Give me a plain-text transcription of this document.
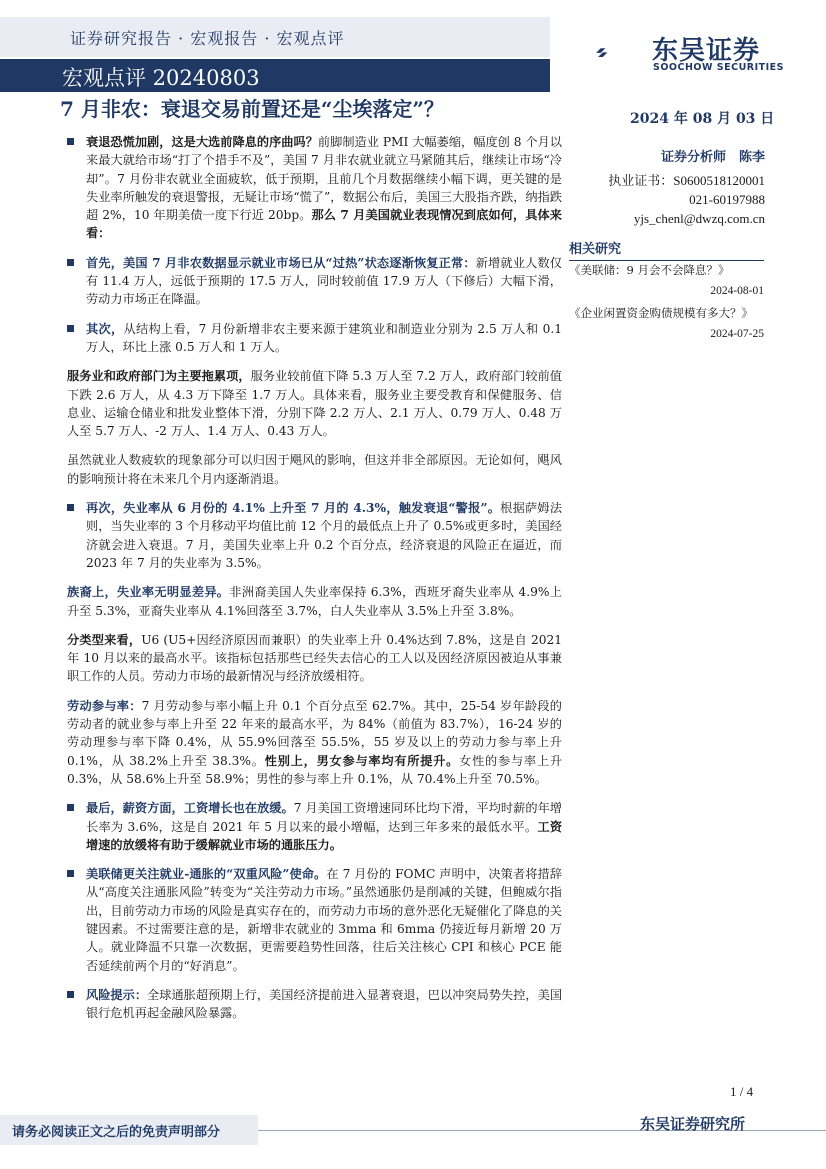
证券研究报告 · 宏观报告 · 宏观点评
宏观点评 20240803
东吴证券
SOOCHOW SECURITIES
7 月非农：衰退交易前置还是“尘埃落定”？	2024 年 08 月 03 日

衰退恐慌加剧，这是大选前降息的序曲吗？前脚制造业 PMI 大幅萎缩，幅度创 8 个月以来最大就给市场“打了个措手不及”，美国 7 月非农就业就立马紧随其后，继续让市场“冷却”。7 月份非农就业全面疲软，低于预期，且前几个月数据继续小幅下调，更关键的是失业率所触发的衰退警报，无疑让市场“慌了”，数据公布后，美国三大股指齐跌，纳指跌超 2%，10 年期美债一度下行近 20bp。那么 7 月美国就业表现情况到底如何，具体来看：

首先，美国 7 月非农数据显示就业市场已从“过热”状态逐渐恢复正常：新增就业人数仅有 11.4 万人，远低于预期的 17.5 万人，同时较前值 17.9 万人（下修后）大幅下滑，劳动力市场正在降温。

其次，从结构上看，7 月份新增非农主要来源于建筑业和制造业分别为 2.5 万人和 0.1 万人，环比上涨 0.5 万人和 1 万人。

服务业和政府部门为主要拖累项，服务业较前值下降 5.3 万人至 7.2 万人，政府部门较前值下跌 2.6 万人，从 4.3 万下降至 1.7 万人。具体来看，服务业主要受教育和保健服务、信息业、运输仓储业和批发业整体下滑，分别下降 2.2 万人、2.1 万人、0.79 万人、0.48 万人至 5.7 万人、-2 万人、1.4 万人、0.43 万人。

虽然就业人数疲软的现象部分可以归因于飓风的影响，但这并非全部原因。无论如何，飓风的影响预计将在未来几个月内逐渐消退。

再次，失业率从 6 月份的 4.1% 上升至 7 月的 4.3%，触发衰退“警报”。根据萨姆法则，当失业率的 3 个月移动平均值比前 12 个月的最低点上升了 0.5%或更多时，美国经济就会进入衰退。7 月，美国失业率上升 0.2 个百分点，经济衰退的风险正在逼近，而 2023 年 7 月的失业率为 3.5%。

族裔上，失业率无明显差异。非洲裔美国人失业率保持 6.3%，西班牙裔失业率从 4.9%上升至 5.3%，亚裔失业率从 4.1%回落至 3.7%，白人失业率从 3.5%上升至 3.8%。

分类型来看，U6 (U5+因经济原因而兼职）的失业率上升 0.4%达到 7.8%，这是自 2021 年 10 月以来的最高水平。该指标包括那些已经失去信心的工人以及因经济原因被迫从事兼职工作的人员。劳动力市场的最新情况与经济放缓相符。

劳动参与率：7 月劳动参与率小幅上升 0.1 个百分点至 62.7%。其中，25-54 岁年龄段的劳动者的就业参与率上升至 22 年来的最高水平，为 84%（前值为 83.7%），16-24 岁的劳动理参与率下降 0.4%，从 55.9%回落至 55.5%，55 岁及以上的劳动力参与率上升 0.1%，从 38.2%上升至 38.3%。性别上，男女参与率均有所提升。女性的参与率上升 0.3%，从 58.6%上升至 58.9%；男性的参与率上升 0.1%，从 70.4%上升至 70.5%。

最后，薪资方面，工资增长也在放缓。7 月美国工资增速同环比均下滑，平均时薪的年增长率为 3.6%，这是自 2021 年 5 月以来的最小增幅，达到三年多来的最低水平。工资增速的放缓将有助于缓解就业市场的通胀压力。

美联储更关注就业-通胀的“双重风险”使命。在 7 月份的 FOMC 声明中，决策者将措辞从“高度关注通胀风险”转变为“关注劳动力市场。”虽然通胀仍是削减的关键，但鲍威尔指出，目前劳动力市场的风险是真实存在的，而劳动力市场的意外恶化无疑催化了降息的关键因素。不过需要注意的是，新增非农就业的 3mma 和 6mma 仍接近每月新增 20 万人。就业降温不只靠一次数据，更需要趋势性回落，往后关注核心 CPI 和核心 PCE 能否延续前两个月的“好消息”。

风险提示：全球通胀超预期上行，美国经济提前进入显著衰退，巴以冲突局势失控，美国银行危机再起金融风险暴露。

证券分析师　陈李
执业证书：S0600518120001
021-60197988
yjs_chenl@dwzq.com.cn
相关研究
《美联储：9 月会不会降息？》
2024-08-01
《企业闲置资金购债规模有多大？》
2024-07-25
1 / 4
请务必阅读正文之后的免责声明部分	东吴证券研究所
